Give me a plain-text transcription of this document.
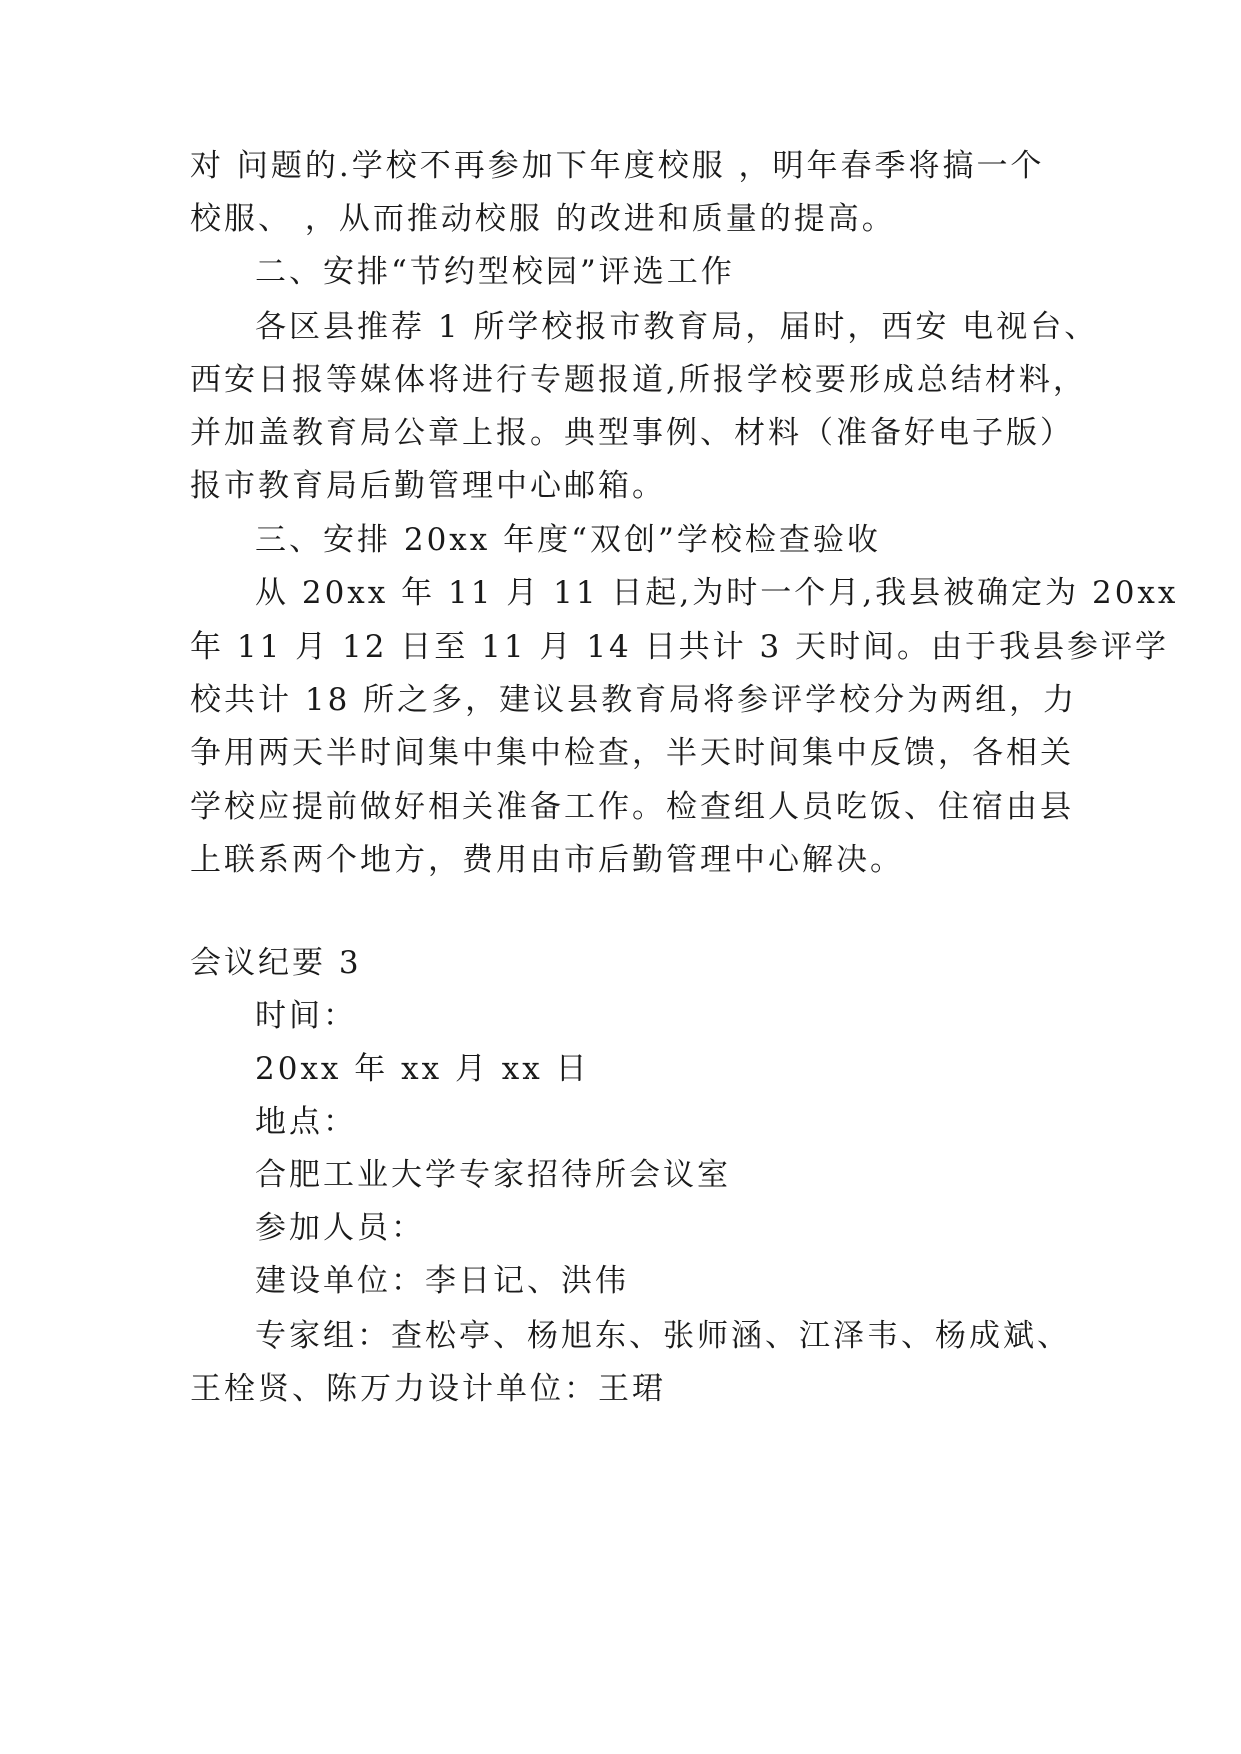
对 问题的.学校不再参加下年度校服 ，明年春季将搞一个
校服、 ，从而推动校服 的改进和质量的提高。
二、安排“节约型校园”评选工作
各区县推荐 1 所学校报市教育局，届时，西安 电视台、
西安日报等媒体将进行专题报道,所报学校要形成总结材料，
并加盖教育局公章上报。典型事例、材料（准备好电子版）
报市教育局后勤管理中心邮箱。
三、安排 20xx 年度“双创”学校检查验收
从 20xx 年 11 月 11 日起,为时一个月,我县被确定为 20xx
年 11 月 12 日至 11 月 14 日共计 3 天时间。由于我县参评学
校共计 18 所之多，建议县教育局将参评学校分为两组，力
争用两天半时间集中集中检查，半天时间集中反馈，各相关
学校应提前做好相关准备工作。检查组人员吃饭、住宿由县
上联系两个地方，费用由市后勤管理中心解决。
会议纪要 3
时间：
20xx 年 xx 月 xx 日
地点：
合肥工业大学专家招待所会议室
参加人员：
建设单位：李日记、洪伟
专家组：查松亭、杨旭东、张师涵、江泽韦、杨成斌、
王栓贤、陈万力设计单位：王珺
